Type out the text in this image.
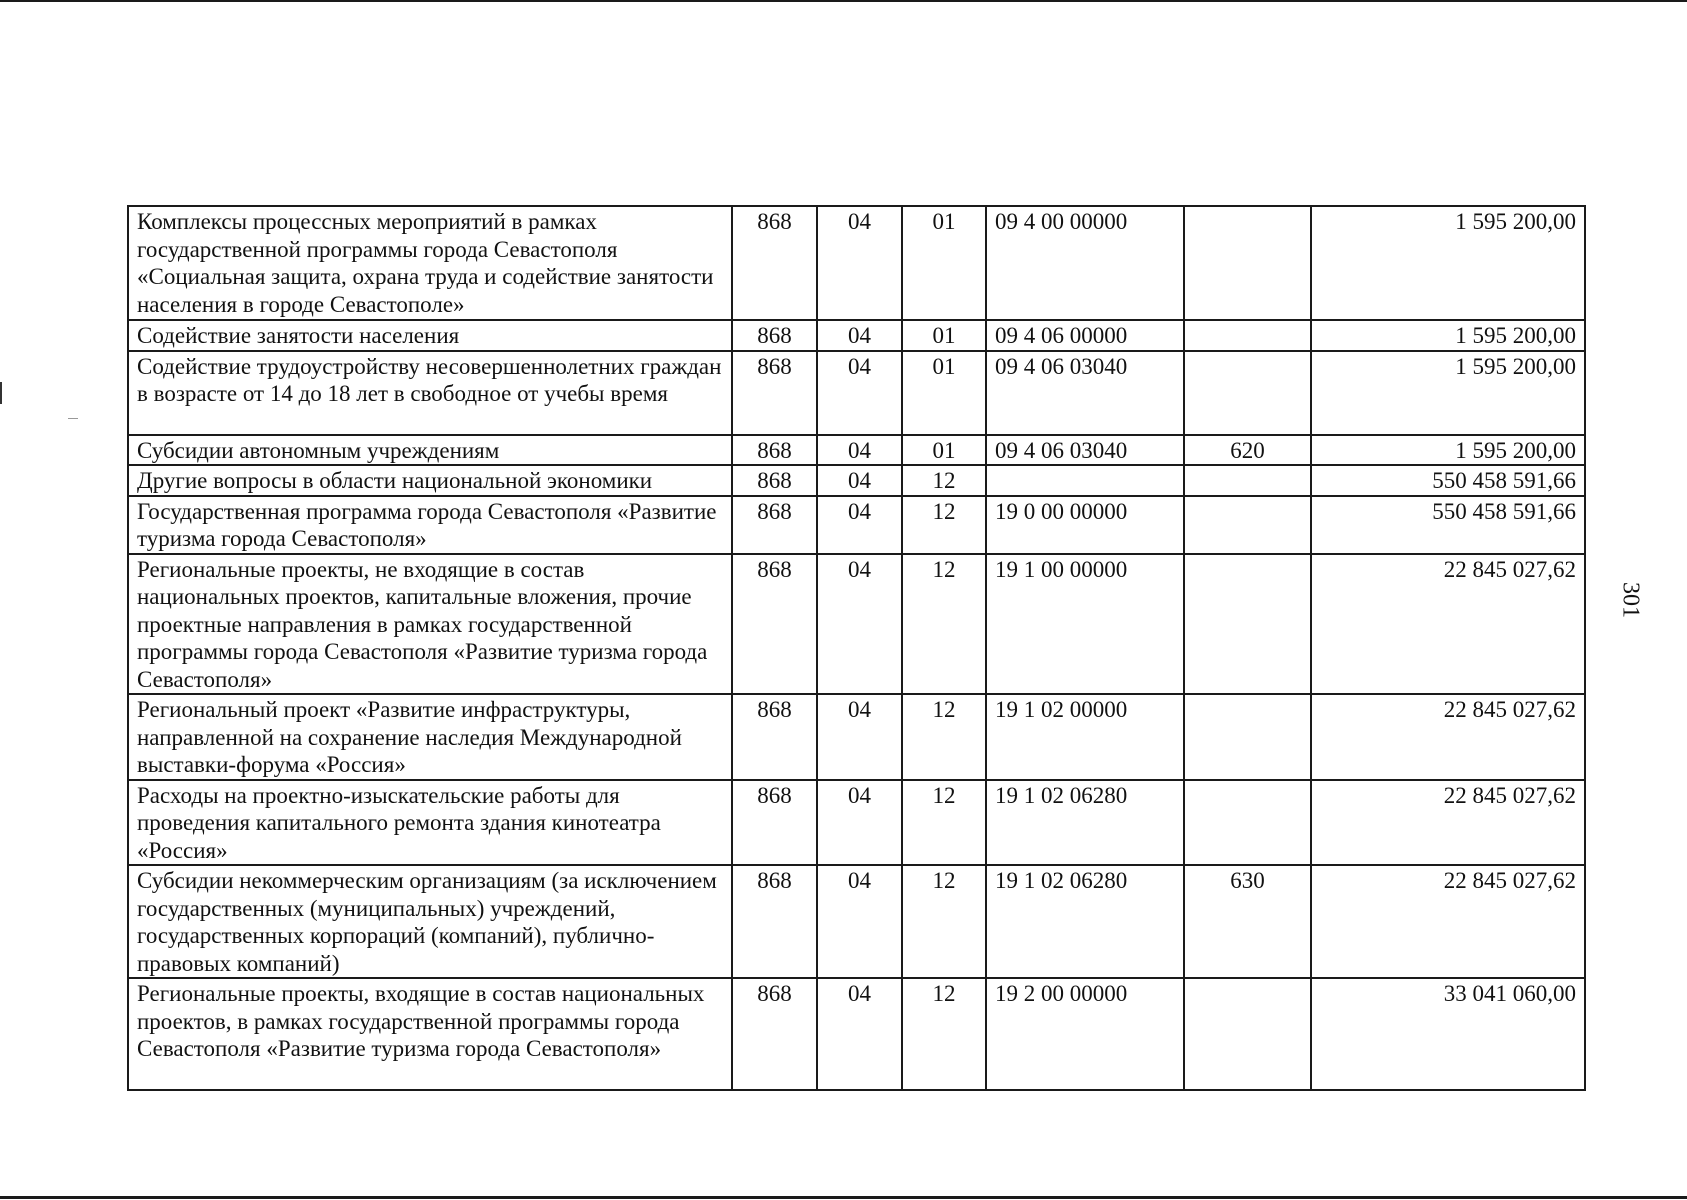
301
Комплексы процессных мероприятий в рамках государственной программы города Севастополя «Социальная защита, охрана труда и содействие занятости населения в городе Севастополе»	868	04	01	09 4 00 00000		1 595 200,00
Содействие занятости населения	868	04	01	09 4 06 00000		1 595 200,00
Содействие трудоустройству несовершеннолетних граждан в возрасте от 14 до 18 лет в свободное от учебы время	868	04	01	09 4 06 03040		1 595 200,00
Субсидии автономным учреждениям	868	04	01	09 4 06 03040	620	1 595 200,00
Другие вопросы в области национальной экономики	868	04	12			550 458 591,66
Государственная программа города Севастополя «Развитие туризма города Севастополя»	868	04	12	19 0 00 00000		550 458 591,66
Региональные проекты, не входящие в состав национальных проектов, капитальные вложения, прочие проектные направления в рамках государственной программы города Севастополя «Развитие туризма города Севастополя»	868	04	12	19 1 00 00000		22 845 027,62
Региональный проект «Развитие инфраструктуры, направленной на сохранение наследия Международной выставки-форума «Россия»	868	04	12	19 1 02 00000		22 845 027,62
Расходы на проектно-изыскательские работы для проведения капитального ремонта здания кинотеатра «Россия»	868	04	12	19 1 02 06280		22 845 027,62
Субсидии некоммерческим организациям (за исключением государственных (муниципальных) учреждений, государственных корпораций (компаний), публично-правовых компаний)	868	04	12	19 1 02 06280	630	22 845 027,62
Региональные проекты, входящие в состав национальных проектов, в рамках государственной программы города Севастополя «Развитие туризма города Севастополя»	868	04	12	19 2 00 00000		33 041 060,00
